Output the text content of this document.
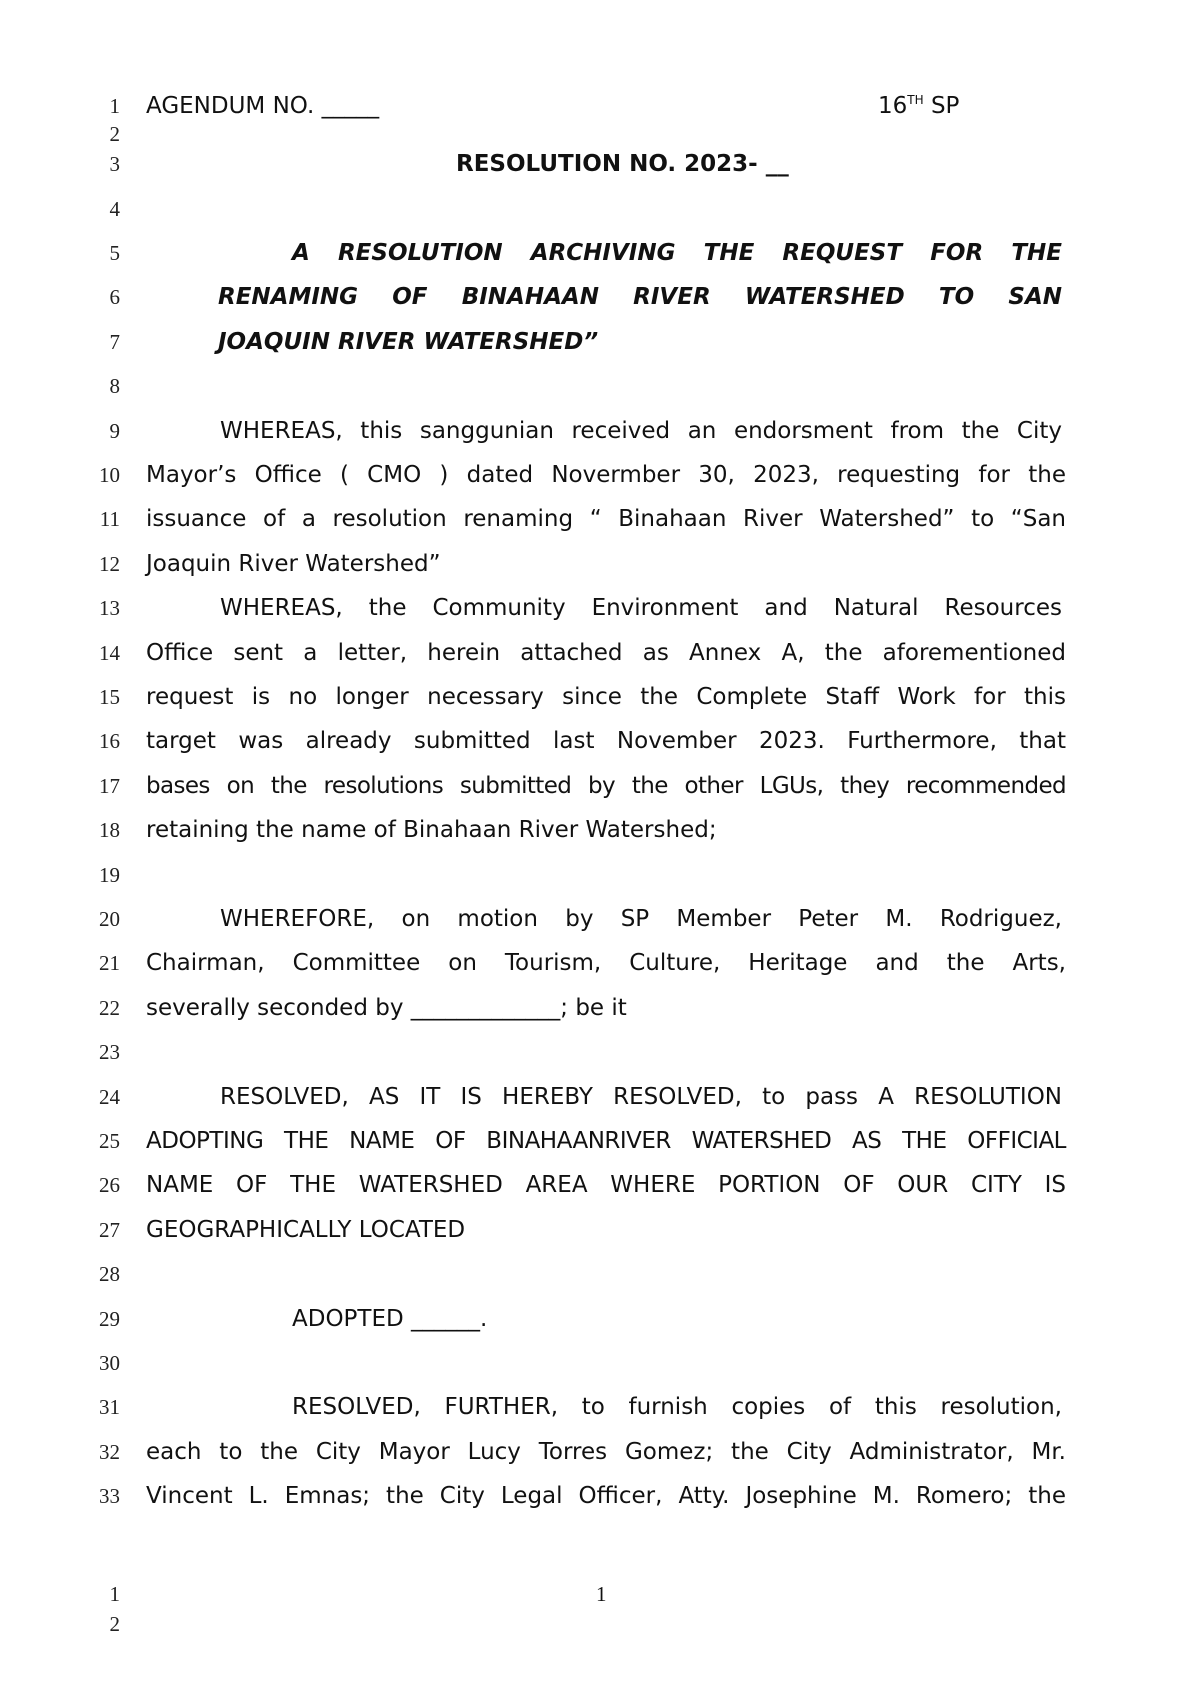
1
2
3
4
5
6
7
8
9
10
11
12
13
14
15
16
17
18
19
20
21
22
23
24
25
26
27
28
29
30
31
32
33
AGENDUM NO. _____	16TH SP
RESOLUTION NO. 2023- __
A RESOLUTION ARCHIVING THE REQUEST FOR THE
RENAMING OF BINAHAAN RIVER WATERSHED TO SAN
JOAQUIN RIVER WATERSHED”
WHEREAS, this sanggunian received an endorsment from the City
Mayor’s Office ( CMO ) dated Novermber 30, 2023, requesting for the
issuance of a resolution renaming “ Binahaan River Watershed” to “San
Joaquin River Watershed”
WHEREAS, the Community Environment and Natural Resources
Office sent a letter, herein attached as Annex A, the aforementioned
request is no longer necessary since the Complete Staff Work for this
target was already submitted last November 2023. Furthermore, that
bases on the resolutions submitted by the other LGUs, they recommended
retaining the name of Binahaan River Watershed;
WHEREFORE, on motion by SP Member Peter M. Rodriguez,
Chairman, Committee on Tourism, Culture, Heritage and the Arts,
severally seconded by _____________; be it
RESOLVED, AS IT IS HEREBY RESOLVED, to pass A RESOLUTION
ADOPTING THE NAME OF BINAHAANRIVER WATERSHED AS THE OFFICIAL
NAME OF THE WATERSHED AREA WHERE PORTION OF OUR CITY IS
GEOGRAPHICALLY LOCATED
ADOPTED ______.
RESOLVED, FURTHER, to furnish copies of this resolution,
each to the City Mayor Lucy Torres Gomez; the City Administrator, Mr.
Vincent L. Emnas; the City Legal Officer, Atty. Josephine M. Romero; the
1
2
1
